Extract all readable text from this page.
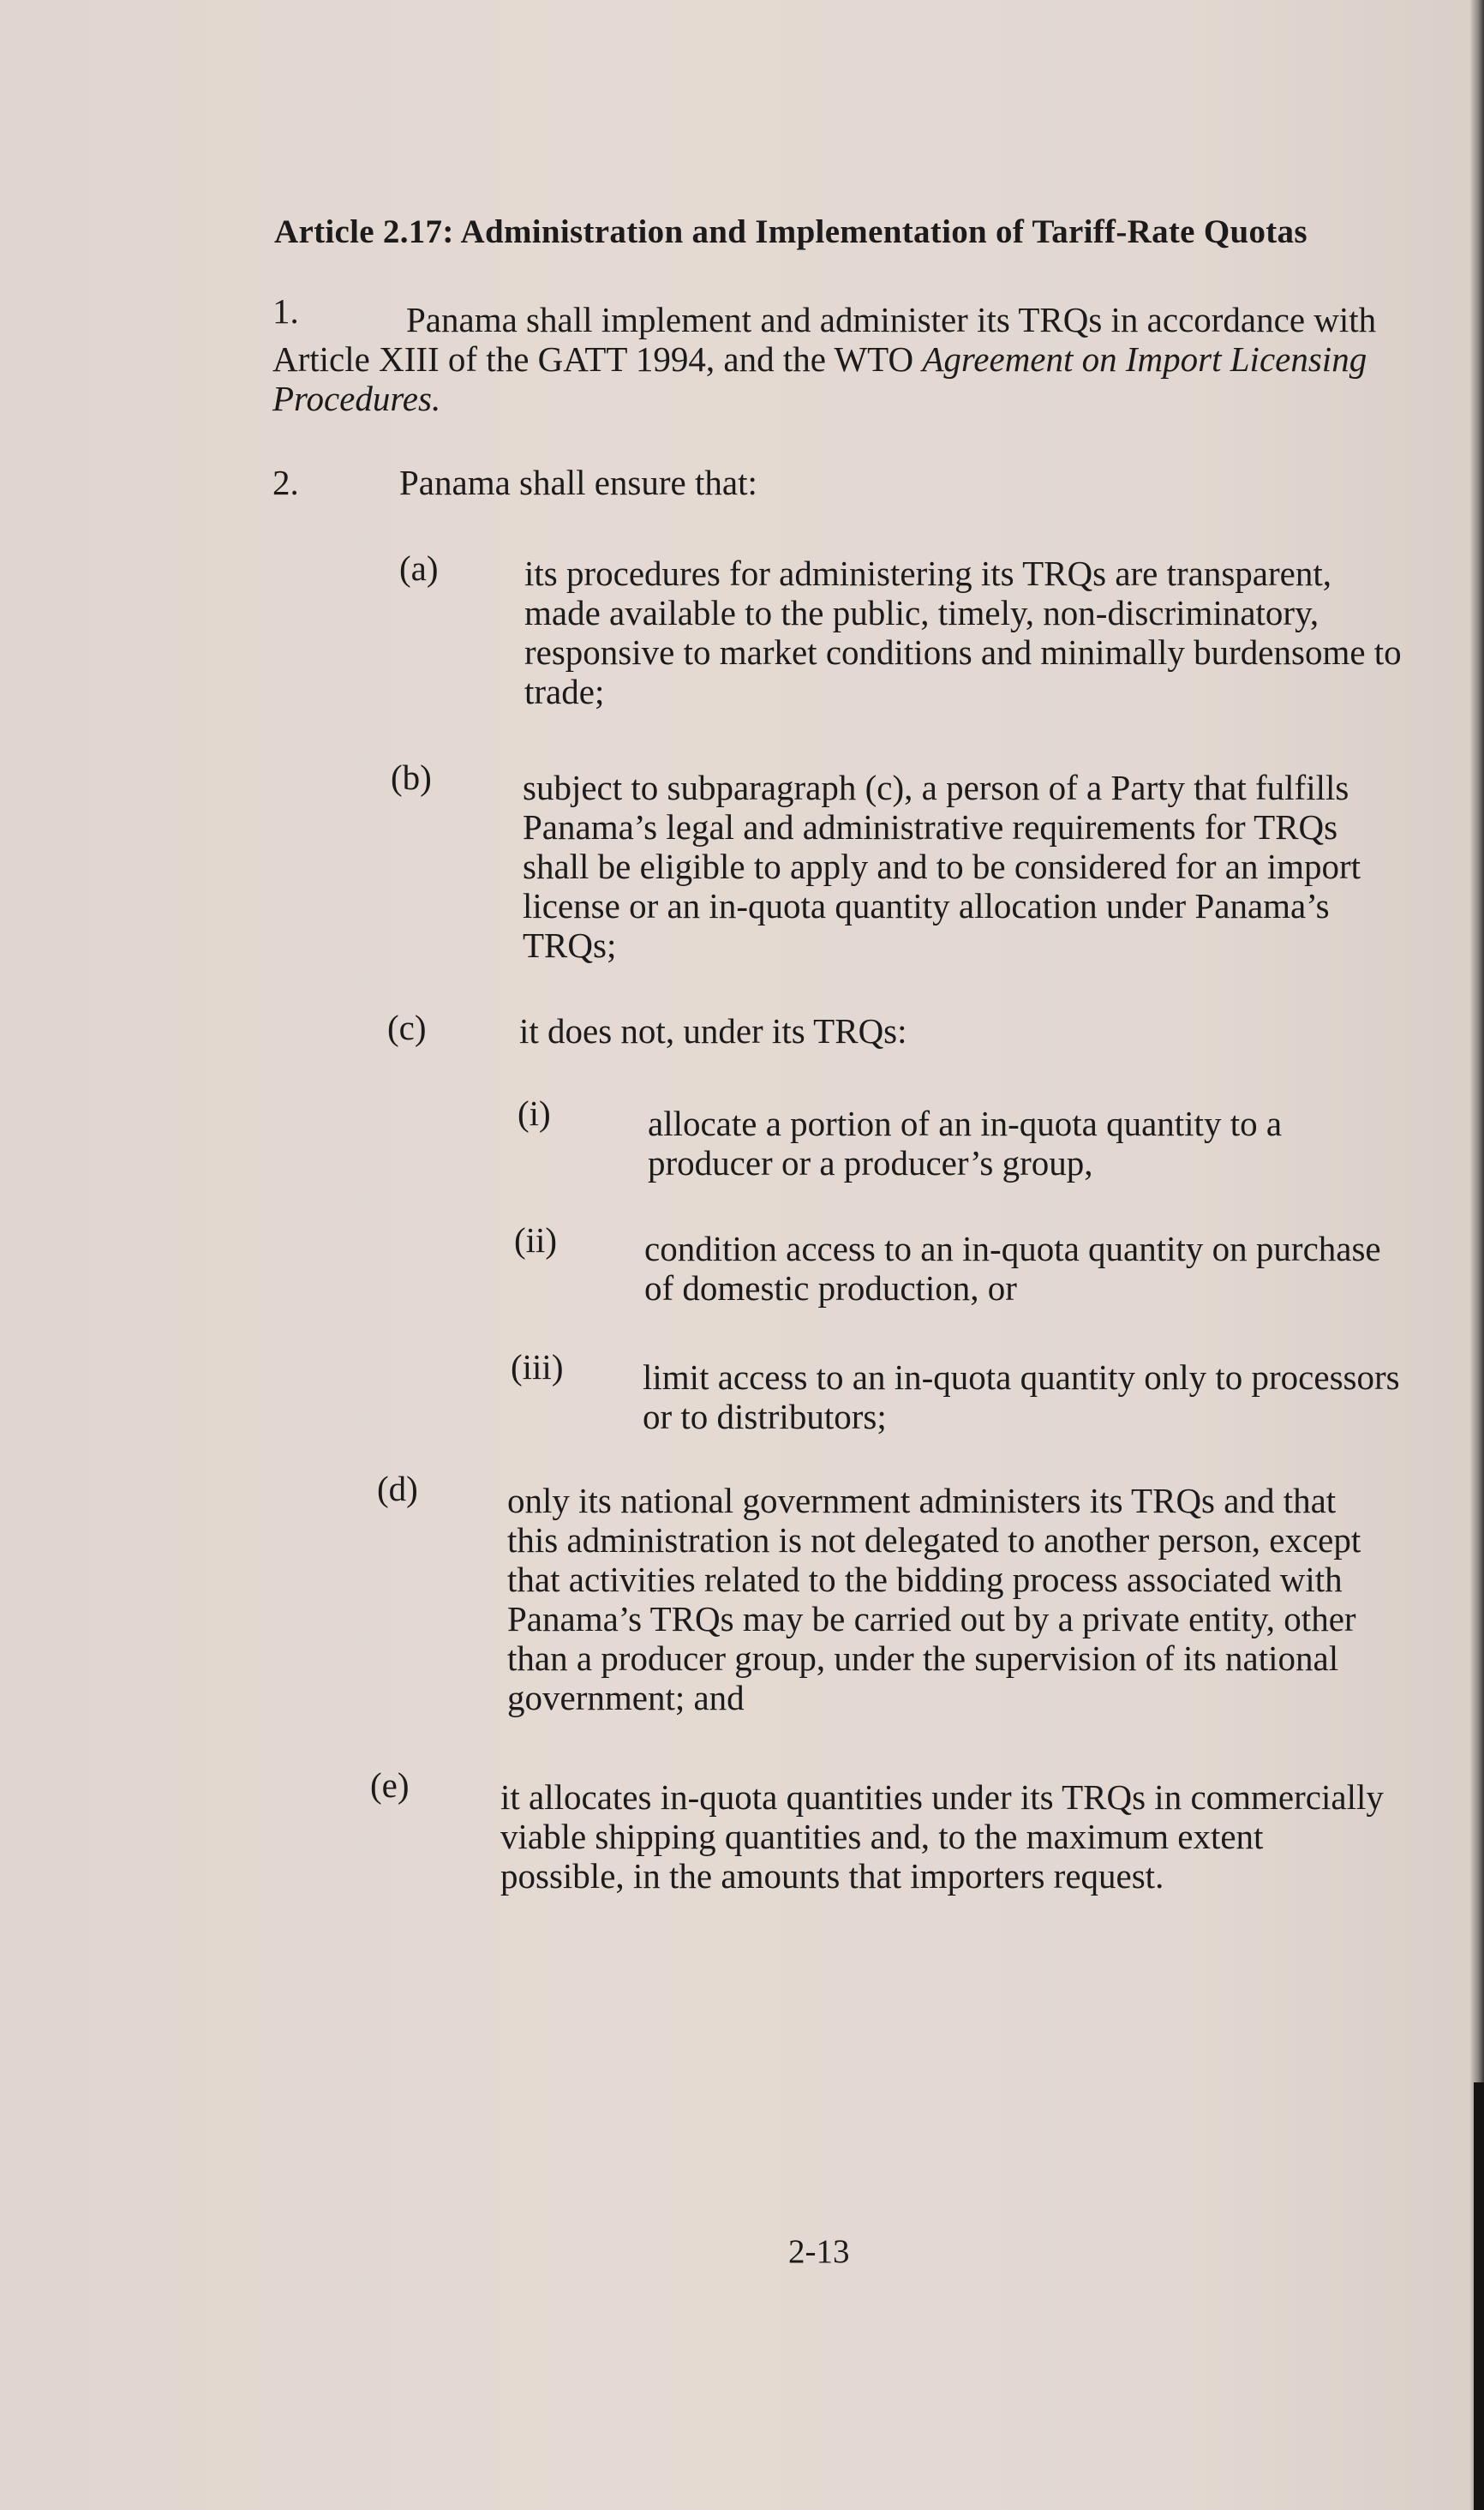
Article 2.17: Administration and Implementation of Tariff-Rate Quotas
1.	Panama shall implement and administer its TRQs in accordance with
Article XIII of the GATT 1994, and the WTO Agreement on Import Licensing
Procedures.
2.	Panama shall ensure that:
(a) its procedures for administering its TRQs are transparent,
made available to the public, timely, non-discriminatory,
responsive to market conditions and minimally burdensome to
trade;
(b)	subject to subparagraph (c), a person of a Party that fulfills
Panama’s legal and administrative requirements for TRQs
shall be eligible to apply and to be considered for an import
license or an in-quota quantity allocation under Panama’s
TRQs;
(c)	it does not, under its TRQs:
(i)	allocate a portion of an in-quota quantity to a
producer or a producer’s group,
(ii) condition access to an in-quota quantity on purchase
of domestic production, or
(iii) limit access to an in-quota quantity only to processors
or to distributors;
(d)	only its national government administers its TRQs and that
this administration is not delegated to another person, except
that activities related to the bidding process associated with
Panama’s TRQs may be carried out by a private entity, other
than a producer group, under the supervision of its national
government; and
(e)	it allocates in-quota quantities under its TRQs in commercially
viable shipping quantities and, to the maximum extent
possible, in the amounts that importers request.
2-13
